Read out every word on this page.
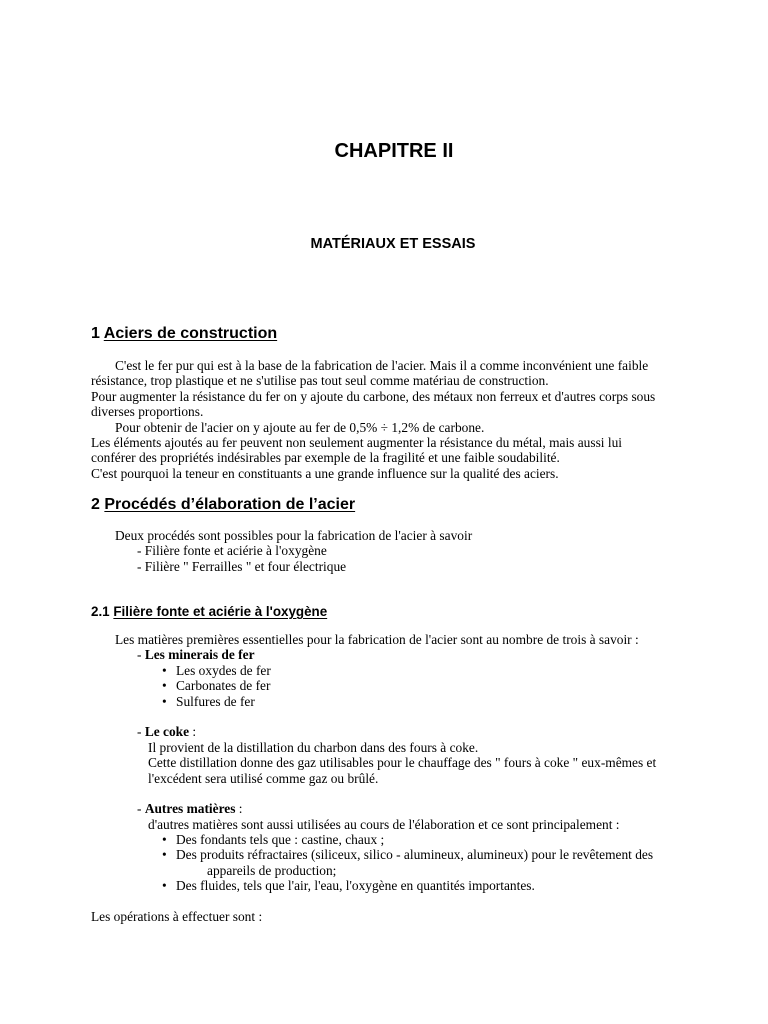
CHAPITRE II
MATÉRIAUX ET ESSAIS
1 Aciers de construction
C'est le fer pur qui est à la base de la fabrication de l'acier. Mais il a comme inconvénient une faible
résistance, trop plastique et ne s'utilise pas tout seul comme matériau de construction.
Pour augmenter la résistance du fer on y ajoute du carbone, des métaux non ferreux et d'autres corps sous
diverses proportions.
Pour obtenir de l'acier on y ajoute au fer de 0,5% ÷ 1,2% de carbone.
Les éléments ajoutés au fer peuvent non seulement augmenter la résistance du métal, mais aussi lui
conférer des propriétés indésirables par exemple de la fragilité et une faible soudabilité.
C'est pourquoi la teneur en constituants a une grande influence sur la qualité des aciers.
2 Procédés d’élaboration de l’acier
Deux procédés sont possibles pour la fabrication de l'acier à savoir
- Filière fonte et aciérie à l'oxygène
- Filière " Ferrailles " et four électrique
2.1 Filière fonte et aciérie à l'oxygène
Les matières premières essentielles pour la fabrication de l'acier sont au nombre de trois à savoir :
- Les minerais de fer
• Les oxydes de fer
• Carbonates de fer
• Sulfures de fer
- Le coke :
Il provient de la distillation du charbon dans des fours à coke.
Cette distillation donne des gaz utilisables pour le chauffage des " fours à coke " eux-mêmes et
l'excédent sera utilisé comme gaz ou brûlé.
- Autres matières :
d'autres matières sont aussi utilisées au cours de l'élaboration et ce sont principalement :
• Des fondants tels que : castine, chaux ;
• Des produits réfractaires (siliceux, silico - alumineux, alumineux) pour le revêtement des
appareils de production;
• Des fluides, tels que l'air, l'eau, l'oxygène en quantités importantes.
Les opérations à effectuer sont :
